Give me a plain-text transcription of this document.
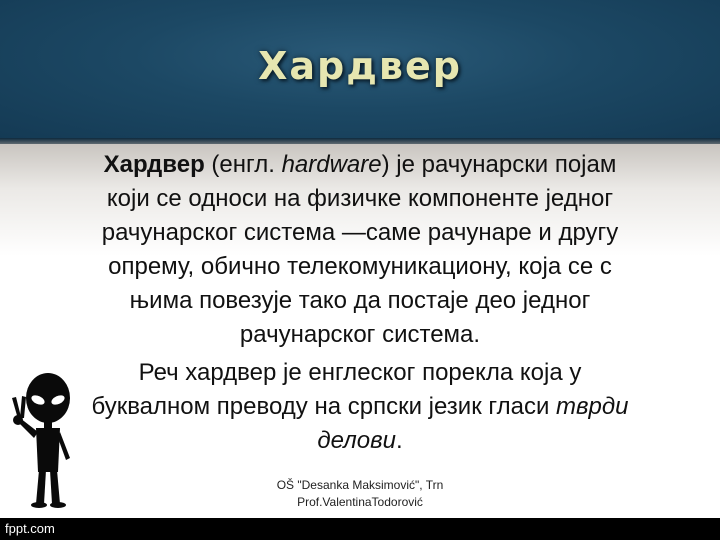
Хардвер

Хардвер (енгл. hardware) је рачунарски појам који се односи на физичке компоненте једног рачунарског система —саме рачунаре и другу опрему, обично телекомуникациону, која се с њима повезује тако да постаје део једног рачунарског система.

Реч хардвер је енглеског порекла која у буквалном преводу на српски језик гласи тврди делови.

OŠ "Desanka Maksimović", Trn
Prof.ValentinaTodorović
fppt.com
